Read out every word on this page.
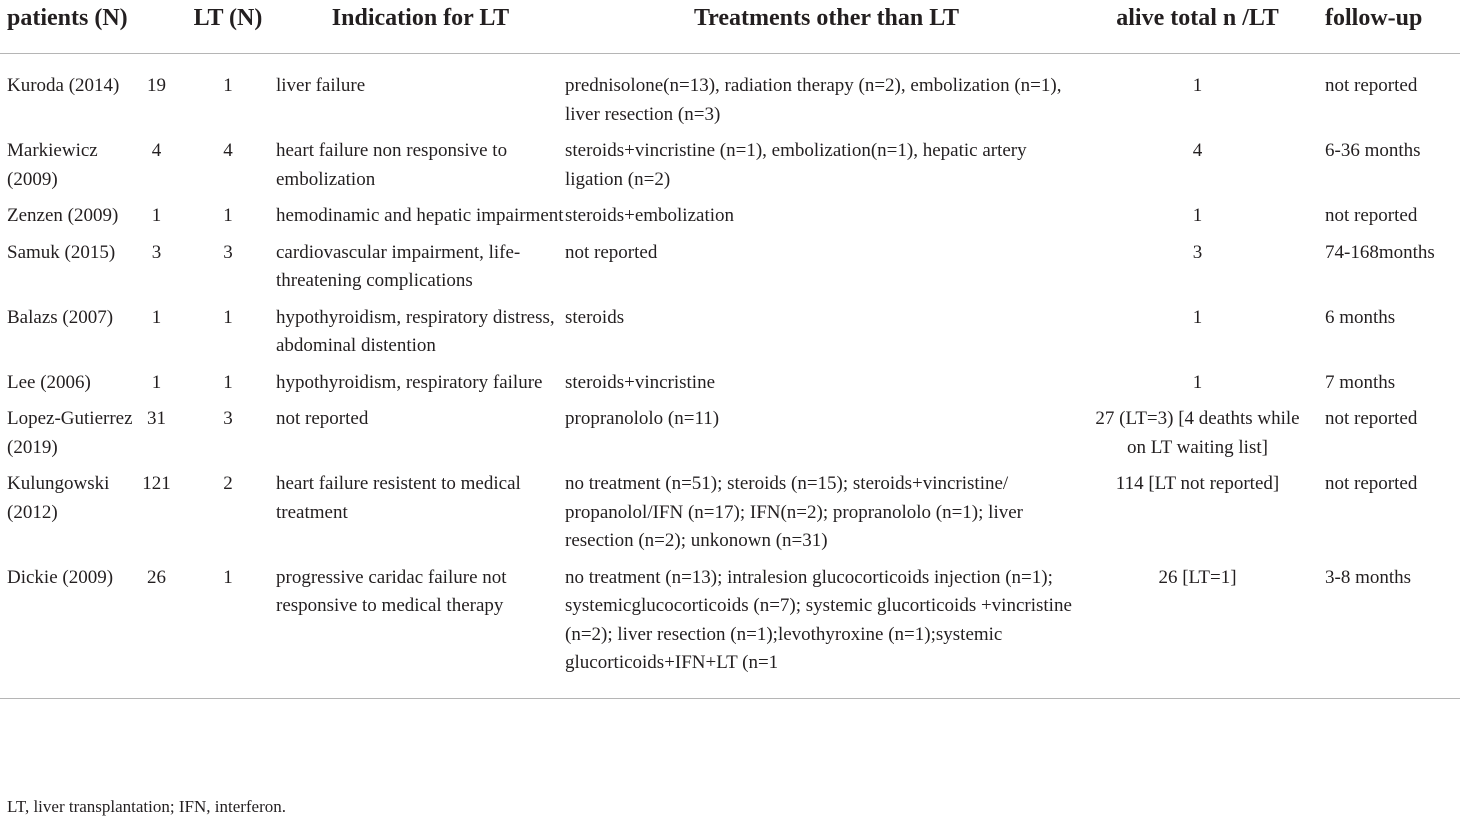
patients (N)		LT (N)	Indication for LT	Treatments other than LT	alive total n /LT	follow-up
Kuroda (2014)	19	1	liver failure	prednisolone(n=13), radiation therapy (n=2), embolization (n=1), liver resection (n=3)	1	not reported
Markiewicz (2009)	4	4	heart failure non responsive to embolization	steroids+vincristine (n=1), embolization(n=1), hepatic artery ligation (n=2)	4	6-36 months
Zenzen (2009)	1	1	hemodinamic and hepatic impairment	steroids+embolization	1	not reported
Samuk (2015)	3	3	cardiovascular impairment, life-threatening complications	not reported	3	74-168months
Balazs (2007)	1	1	hypothyroidism, respiratory distress, abdominal distention	steroids	1	6 months
Lee (2006)	1	1	hypothyroidism, respiratory failure	steroids+vincristine	1	7 months
Lopez-Gutierrez (2019)	31	3	not reported	propranololo (n=11)	27 (LT=3) [4 deathts while on LT waiting list]	not reported
Kulungowski (2012)	121	2	heart failure resistent to medical treatment	no treatment (n=51); steroids (n=15); steroids+vincristine/ propanolol/IFN (n=17); IFN(n=2); propranololo (n=1); liver resection (n=2); unkonown (n=31)	114 [LT not reported]	not reported
Dickie (2009)	26	1	progressive caridac failure not responsive to medical therapy	no treatment (n=13); intralesion glucocorticoids injection (n=1); systemicglucocorticoids (n=7); systemic glucorticoids +vincristine (n=2); liver resection (n=1);levothyroxine (n=1);systemic glucorticoids+IFN+LT (n=1	26 [LT=1]	3-8 months
LT, liver transplantation; IFN, interferon.
